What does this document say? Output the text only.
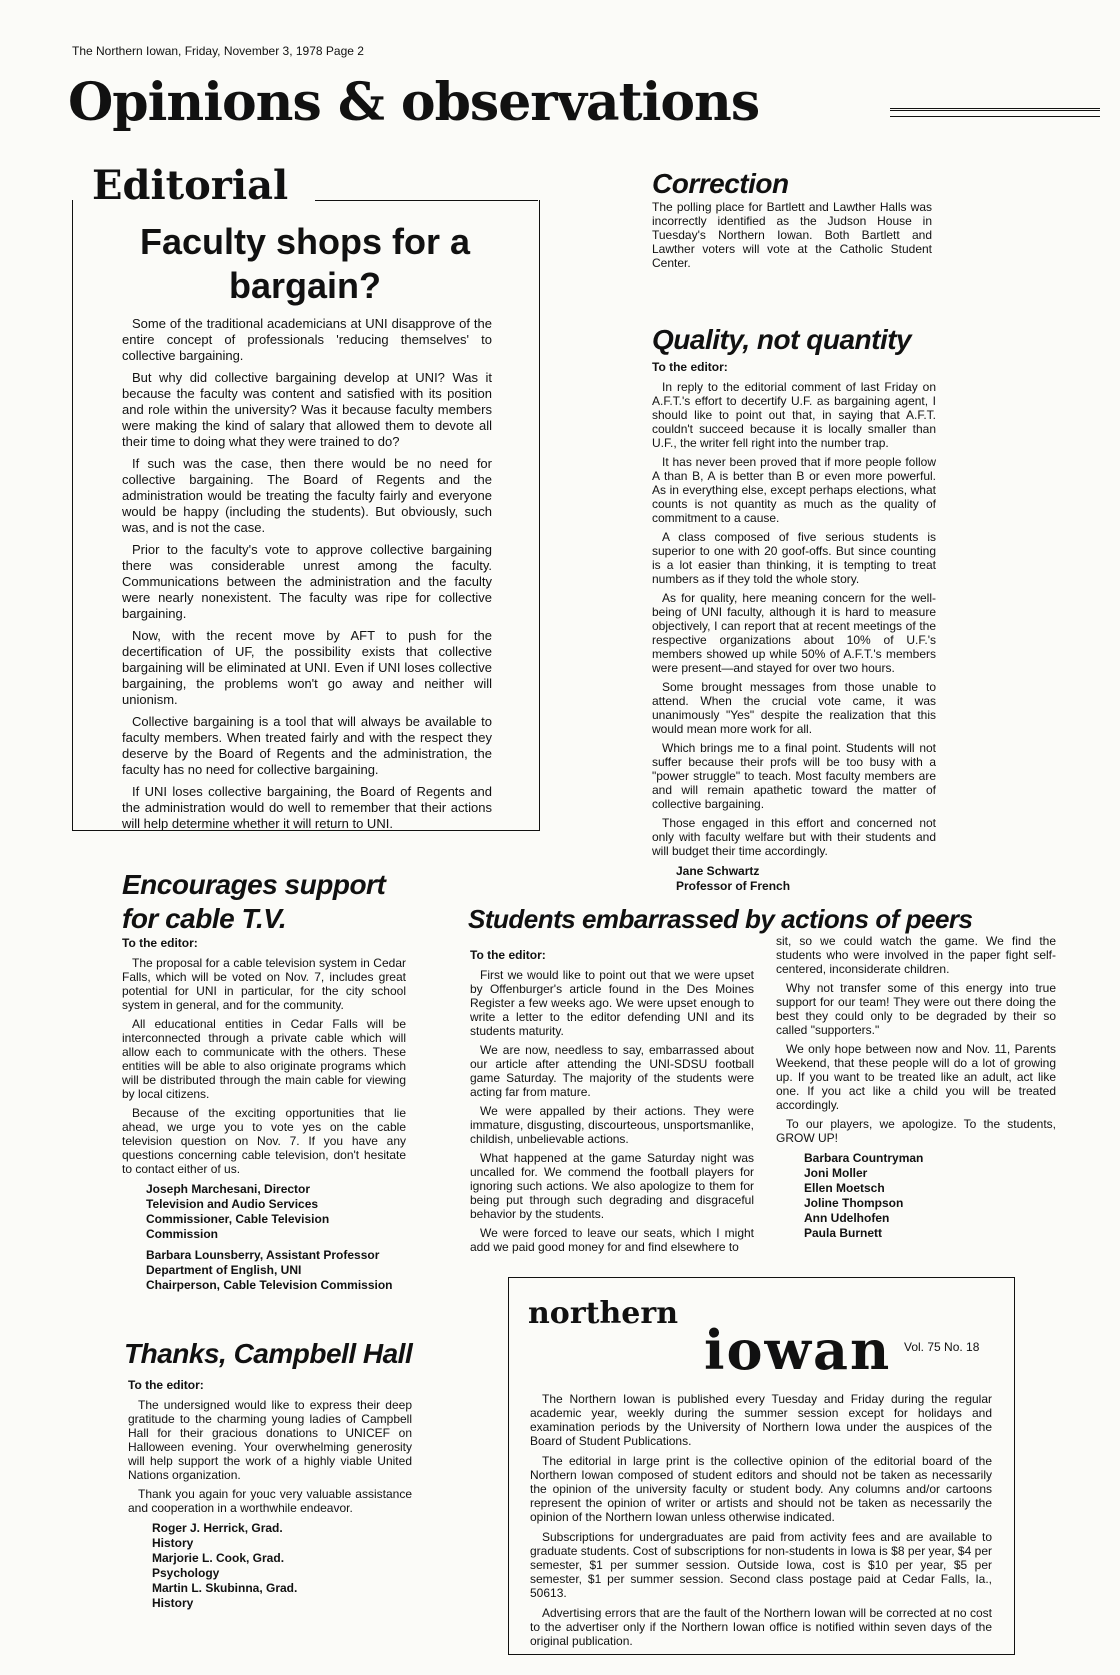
The Northern Iowan, Friday, November 3, 1978 Page 2
Opinions & observations
Editorial
Faculty shops for a bargain?

Some of the traditional academicians at UNI disapprove of the entire concept of professionals 'reducing themselves' to collective bargaining.

But why did collective bargaining develop at UNI? Was it because the faculty was content and satisfied with its position and role within the university? Was it because faculty members were making the kind of salary that allowed them to devote all their time to doing what they were trained to do?

If such was the case, then there would be no need for collective bargaining. The Board of Regents and the administration would be treating the faculty fairly and everyone would be happy (including the students). But obviously, such was, and is not the case.

Prior to the faculty's vote to approve collective bargaining there was considerable unrest among the faculty. Communications between the administration and the faculty were nearly nonexistent. The faculty was ripe for collective bargaining.

Now, with the recent move by AFT to push for the decertification of UF, the possibility exists that collective bargaining will be eliminated at UNI. Even if UNI loses collective bargaining, the problems won't go away and neither will unionism.

Collective bargaining is a tool that will always be available to faculty members. When treated fairly and with the respect they deserve by the Board of Regents and the administration, the faculty has no need for collective bargaining.

If UNI loses collective bargaining, the Board of Regents and the administration would do well to remember that their actions will help determine whether it will return to UNI.

Correction
The polling place for Bartlett and Lawther Halls was incorrectly identified as the Judson House in Tuesday's Northern Iowan. Both Bartlett and Lawther voters will vote at the Catholic Student Center.
Quality, not quantity
To the editor:

In reply to the editorial comment of last Friday on A.F.T.'s effort to decertify U.F. as bargaining agent, I should like to point out that, in saying that A.F.T. couldn't succeed because it is locally smaller than U.F., the writer fell right into the number trap.

It has never been proved that if more people follow A than B, A is better than B or even more powerful. As in everything else, except perhaps elections, what counts is not quantity as much as the quality of commitment to a cause.

A class composed of five serious students is superior to one with 20 goof-offs. But since counting is a lot easier than thinking, it is tempting to treat numbers as if they told the whole story.

As for quality, here meaning concern for the well-being of UNI faculty, although it is hard to measure objectively, I can report that at recent meetings of the respective organizations about 10% of U.F.'s members showed up while 50% of A.F.T.'s members were present—and stayed for over two hours.

Some brought messages from those unable to attend. When the crucial vote came, it was unanimously "Yes" despite the realization that this would mean more work for all.

Which brings me to a final point. Students will not suffer because their profs will be too busy with a "power struggle" to teach. Most faculty members are and will remain apathetic toward the matter of collective bargaining.

Those engaged in this effort and concerned not only with faculty welfare but with their students and will budget their time accordingly.

Jane Schwartz
Professor of French
Encourages support for cable T.V.
To the editor:

The proposal for a cable television system in Cedar Falls, which will be voted on Nov. 7, includes great potential for UNI in particular, for the city school system in general, and for the community.

All educational entities in Cedar Falls will be interconnected through a private cable which will allow each to communicate with the others. These entities will be able to also originate programs which will be distributed through the main cable for viewing by local citizens.

Because of the exciting opportunities that lie ahead, we urge you to vote yes on the cable television question on Nov. 7. If you have any questions concerning cable television, don't hesitate to contact either of us.

Joseph Marchesani, Director
Television and Audio Services
Commissioner, Cable Television
Commission
Barbara Lounsberry, Assistant Professor
Department of English, UNI
Chairperson, Cable Television Commission
Students embarrassed by actions of peers
To the editor:

First we would like to point out that we were upset by Offenburger's article found in the Des Moines Register a few weeks ago. We were upset enough to write a letter to the editor defending UNI and its students maturity.

We are now, needless to say, embarrassed about our article after attending the UNI-SDSU football game Saturday. The majority of the students were acting far from mature.

We were appalled by their actions. They were immature, disgusting, discourteous, unsportsmanlike, childish, unbelievable actions.

What happened at the game Saturday night was uncalled for. We commend the football players for ignoring such actions. We also apologize to them for being put through such degrading and disgraceful behavior by the students.

We were forced to leave our seats, which I might add we paid good money for and find elsewhere to

sit, so we could watch the game. We find the students who were involved in the paper fight self-centered, inconsiderate children.

Why not transfer some of this energy into true support for our team! They were out there doing the best they could only to be degraded by their so called "supporters."

We only hope between now and Nov. 11, Parents Weekend, that these people will do a lot of growing up. If you want to be treated like an adult, act like one. If you act like a child you will be treated accordingly.

To our players, we apologize. To the students, GROW UP!

Barbara Countryman
Joni Moller
Ellen Moetsch
Joline Thompson
Ann Udelhofen
Paula Burnett
Thanks, Campbell Hall
To the editor:

The undersigned would like to express their deep gratitude to the charming young ladies of Campbell Hall for their gracious donations to UNICEF on Halloween evening. Your overwhelming generosity will help support the work of a highly viable United Nations organization.

Thank you again for youc very valuable assistance and cooperation in a worthwhile endeavor.

Roger J. Herrick, Grad.
History
Marjorie L. Cook, Grad.
Psychology
Martin L. Skubinna, Grad.
History
northern
iowan Vol. 75 No. 18

The Northern Iowan is published every Tuesday and Friday during the regular academic year, weekly during the summer session except for holidays and examination periods by the University of Northern Iowa under the auspices of the Board of Student Publications.

The editorial in large print is the collective opinion of the editorial board of the Northern Iowan composed of student editors and should not be taken as necessarily the opinion of the university faculty or student body. Any columns and/or cartoons represent the opinion of writer or artists and should not be taken as necessarily the opinion of the Northern Iowan unless otherwise indicated.

Subscriptions for undergraduates are paid from activity fees and are available to graduate students. Cost of subscriptions for non-students in Iowa is $8 per year, $4 per semester, $1 per summer session. Outside Iowa, cost is $10 per year, $5 per semester, $1 per summer session. Second class postage paid at Cedar Falls, Ia., 50613.

Advertising errors that are the fault of the Northern Iowan will be corrected at no cost to the advertiser only if the Northern Iowan office is notified within seven days of the original publication.
